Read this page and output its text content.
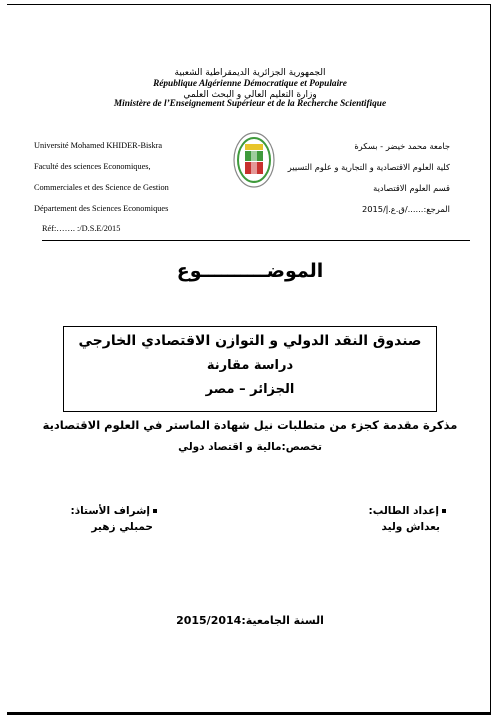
الجمهورية الجزائرية الديمقراطية الشعبية
République Algérienne Démocratique et Populaire
وزارة التعليم العالي و البحث العلمي
Ministère de l’Enseignement Supérieur et de la Recherche Scientifique
Université Mohamed KHIDER-Biskra
Faculté des sciences Economiques,
Commerciales et des Science de Gestion
Département des Sciences Economiques
Réf:……. :/D.S.E/2015
✦
جامعة محمد خيضر - بسكرة
كلية العلوم الاقتصادية و التجارية و علوم التسيير
قسم العلوم الاقتصادية
المرجع:....../ق.ع.إ/2015
الموضــــــــــوع
صندوق النقد الدولي و التوازن الاقتصادي الخارجي
دراسة مقارنة
الجزائر – مصر
مذكرة مقدمة كجزء من متطلبات نيل شهادة الماستر في العلوم الاقتصادية
تخصص:مالية و اقتصاد دولي
إعداد الطالب:
بعداش وليد
إشراف الأستاذ:
حمبلي زهير
السنة الجامعية:2015/2014
